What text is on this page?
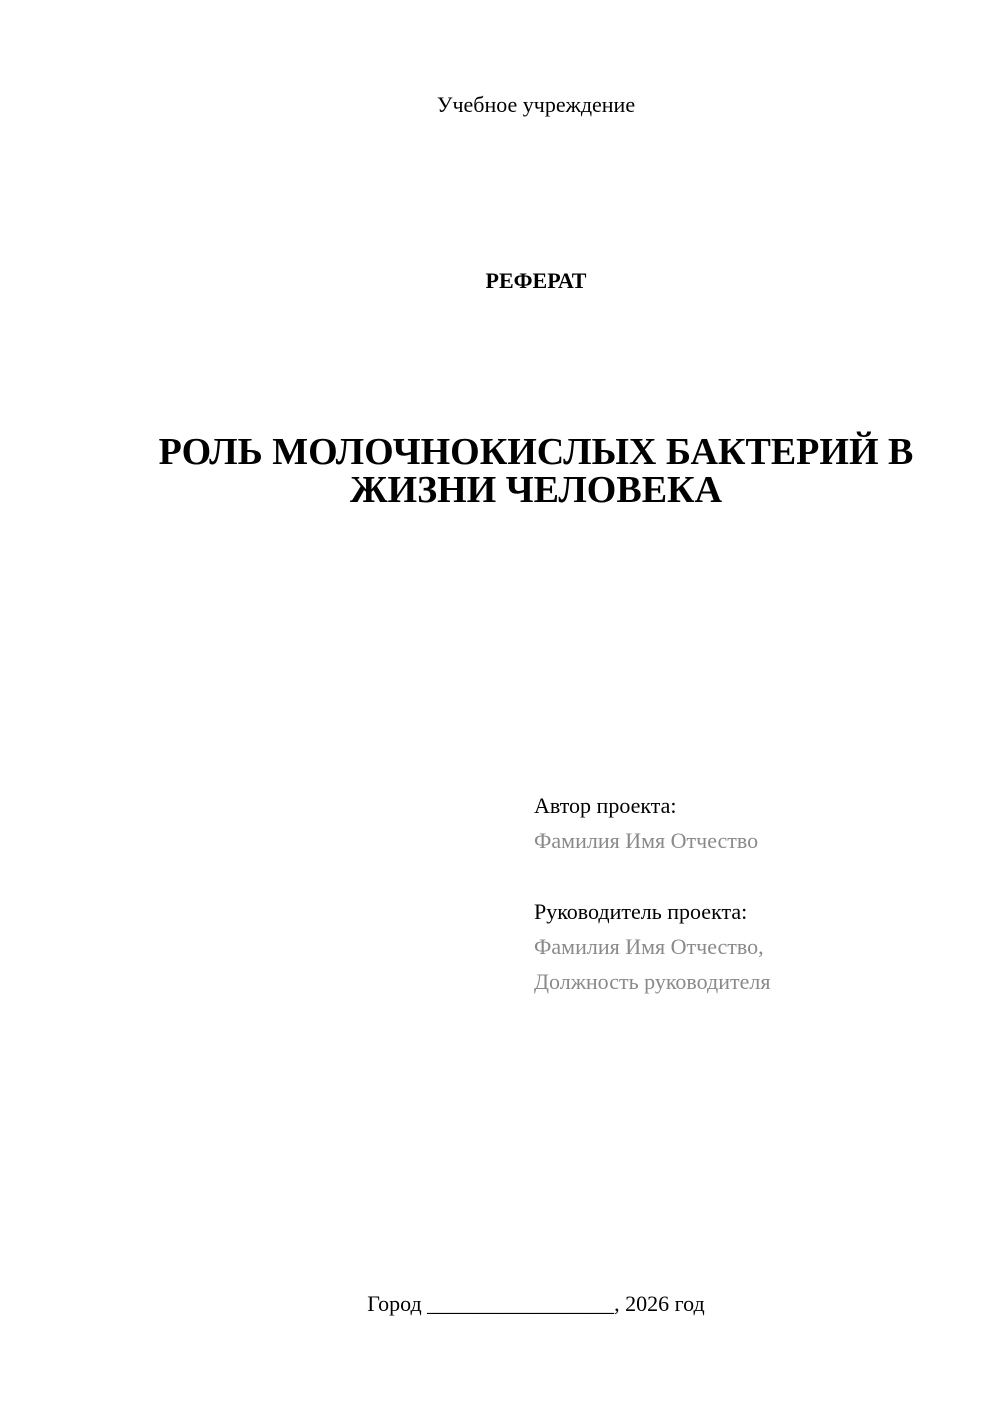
Учебное учреждение
РЕФЕРАТ
РОЛЬ МОЛОЧНОКИСЛЫХ БАКТЕРИЙ В
ЖИЗНИ ЧЕЛОВЕКА
Автор проекта:
Фамилия Имя Отчество
Руководитель проекта:
Фамилия Имя Отчество,
Должность руководителя
Город _________________, 2026 год
